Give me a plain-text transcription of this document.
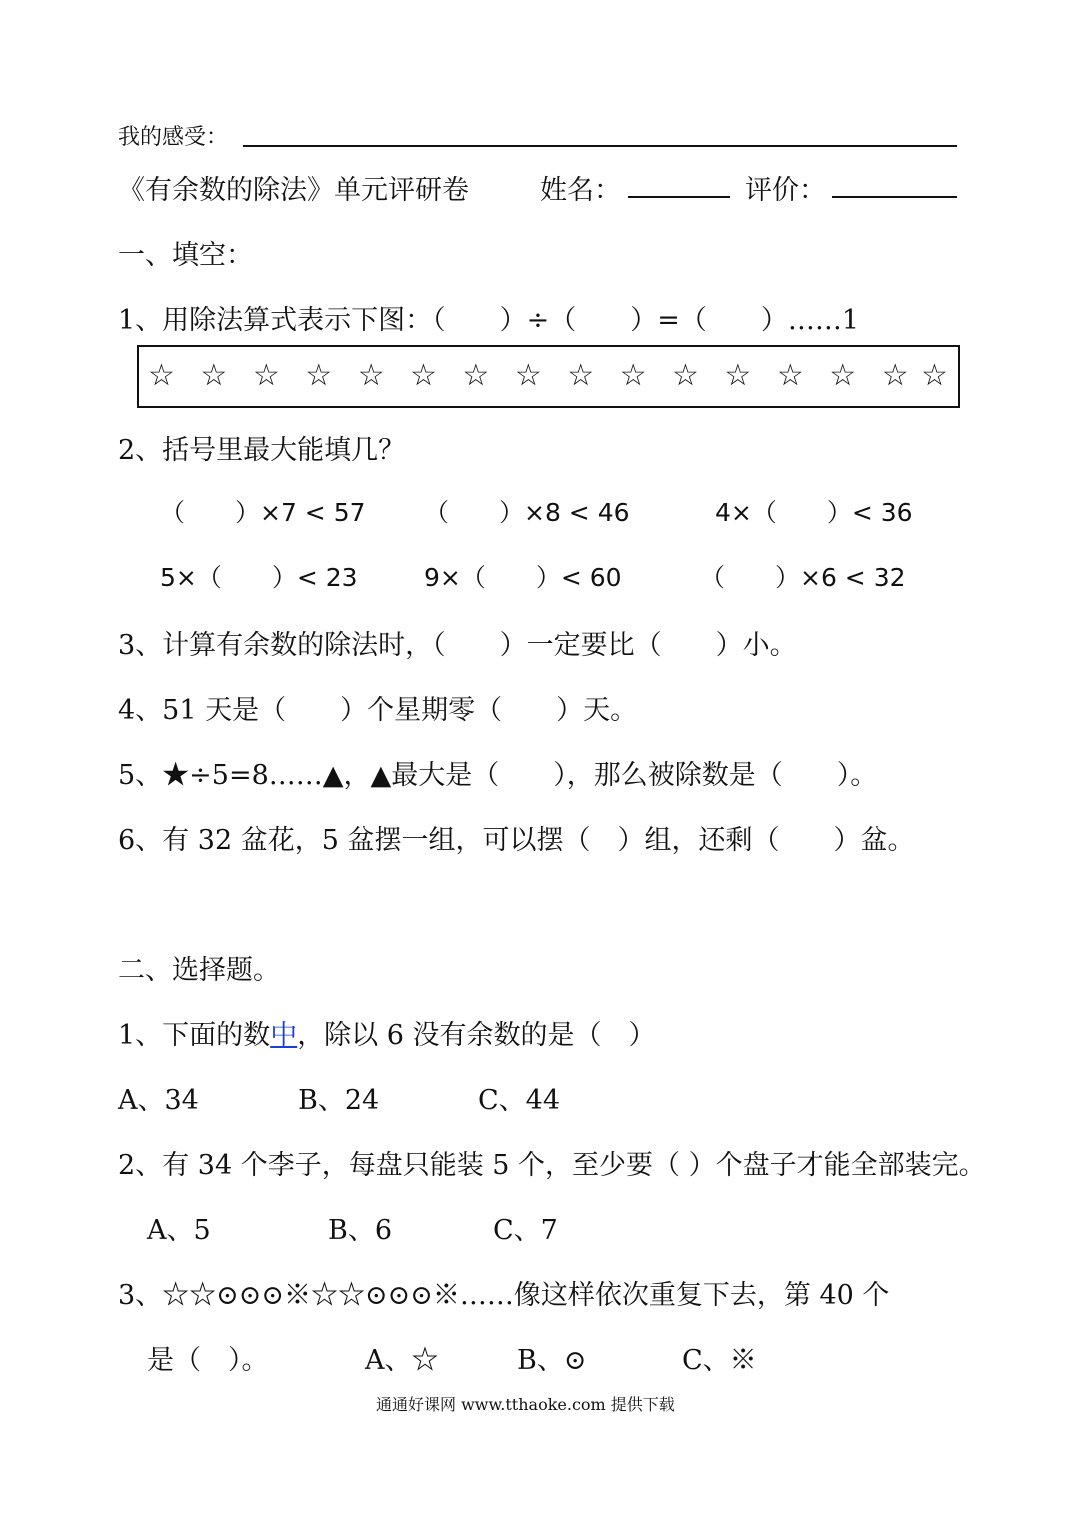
我的感受：
《有余数的除法》单元评研卷	姓名：	评价：
一、填空：
1、用除法算式表示下图：（　　）÷（　　）=（　　）……1
☆ ☆ ☆ ☆ ☆ ☆ ☆ ☆ ☆ ☆ ☆ ☆ ☆ ☆ ☆ ☆
2、括号里最大能填几？
（　　）×7 < 57 （　　）×8 < 46	4×（　　）< 36
5×（　　）< 23	9×（　　）< 60	（　　）×6 < 32
3、计算有余数的除法时，（　　）一定要比（　　）小。
4、51 天是（　　）个星期零（　　）天。
5、★÷5=8……▲，▲最大是（　　），那么被除数是（　　）。
6、有 32 盆花，5 盆摆一组，可以摆（　）组，还剩（　　）盆。
二、选择题。
1、下面的数中，除以 6 没有余数的是（　）
A、34	B、24	C、44
2、有 34 个李子，每盘只能装 5 个，至少要（ ）个盘子才能全部装完。
A、5	B、6	C、7
3、☆☆⊙⊙⊙※☆☆⊙⊙⊙※……像这样依次重复下去，第 40 个
是（　）。	A、☆	B、⊙	C、※
通通好课网 www.tthaoke.com 提供下载
